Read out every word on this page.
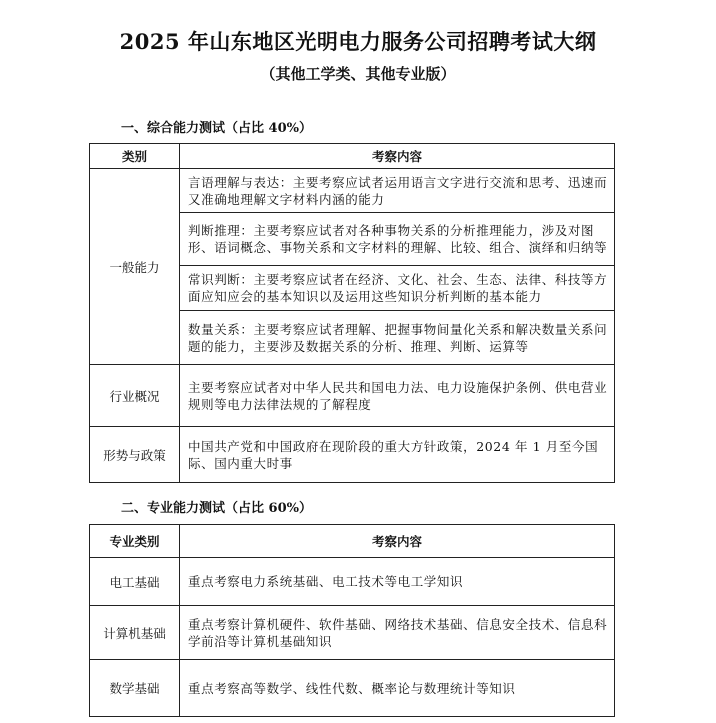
2025 年山东地区光明电力服务公司招聘考试大纲
（其他工学类、其他专业版）
一、综合能力测试（占比 40%）
类别	考察内容
一般能力	言语理解与表达：主要考察应试者运用语言文字进行交流和思考、迅速而又准确地理解文字材料内涵的能力
	判断推理：主要考察应试者对各种事物关系的分析推理能力，涉及对图形、语词概念、事物关系和文字材料的理解、比较、组合、演绎和归纳等
	常识判断：主要考察应试者在经济、文化、社会、生态、法律、科技等方面应知应会的基本知识以及运用这些知识分析判断的基本能力
	数量关系：主要考察应试者理解、把握事物间量化关系和解决数量关系问题的能力，主要涉及数据关系的分析、推理、判断、运算等
行业概况	主要考察应试者对中华人民共和国电力法、电力设施保护条例、供电营业规则等电力法律法规的了解程度
形势与政策	中国共产党和中国政府在现阶段的重大方针政策，2024 年 1 月至今国际、国内重大时事
二、专业能力测试（占比 60%）
专业类别	考察内容
电工基础	重点考察电力系统基础、电工技术等电工学知识
计算机基础	重点考察计算机硬件、软件基础、网络技术基础、信息安全技术、信息科学前沿等计算机基础知识
数学基础	重点考察高等数学、线性代数、概率论与数理统计等知识
